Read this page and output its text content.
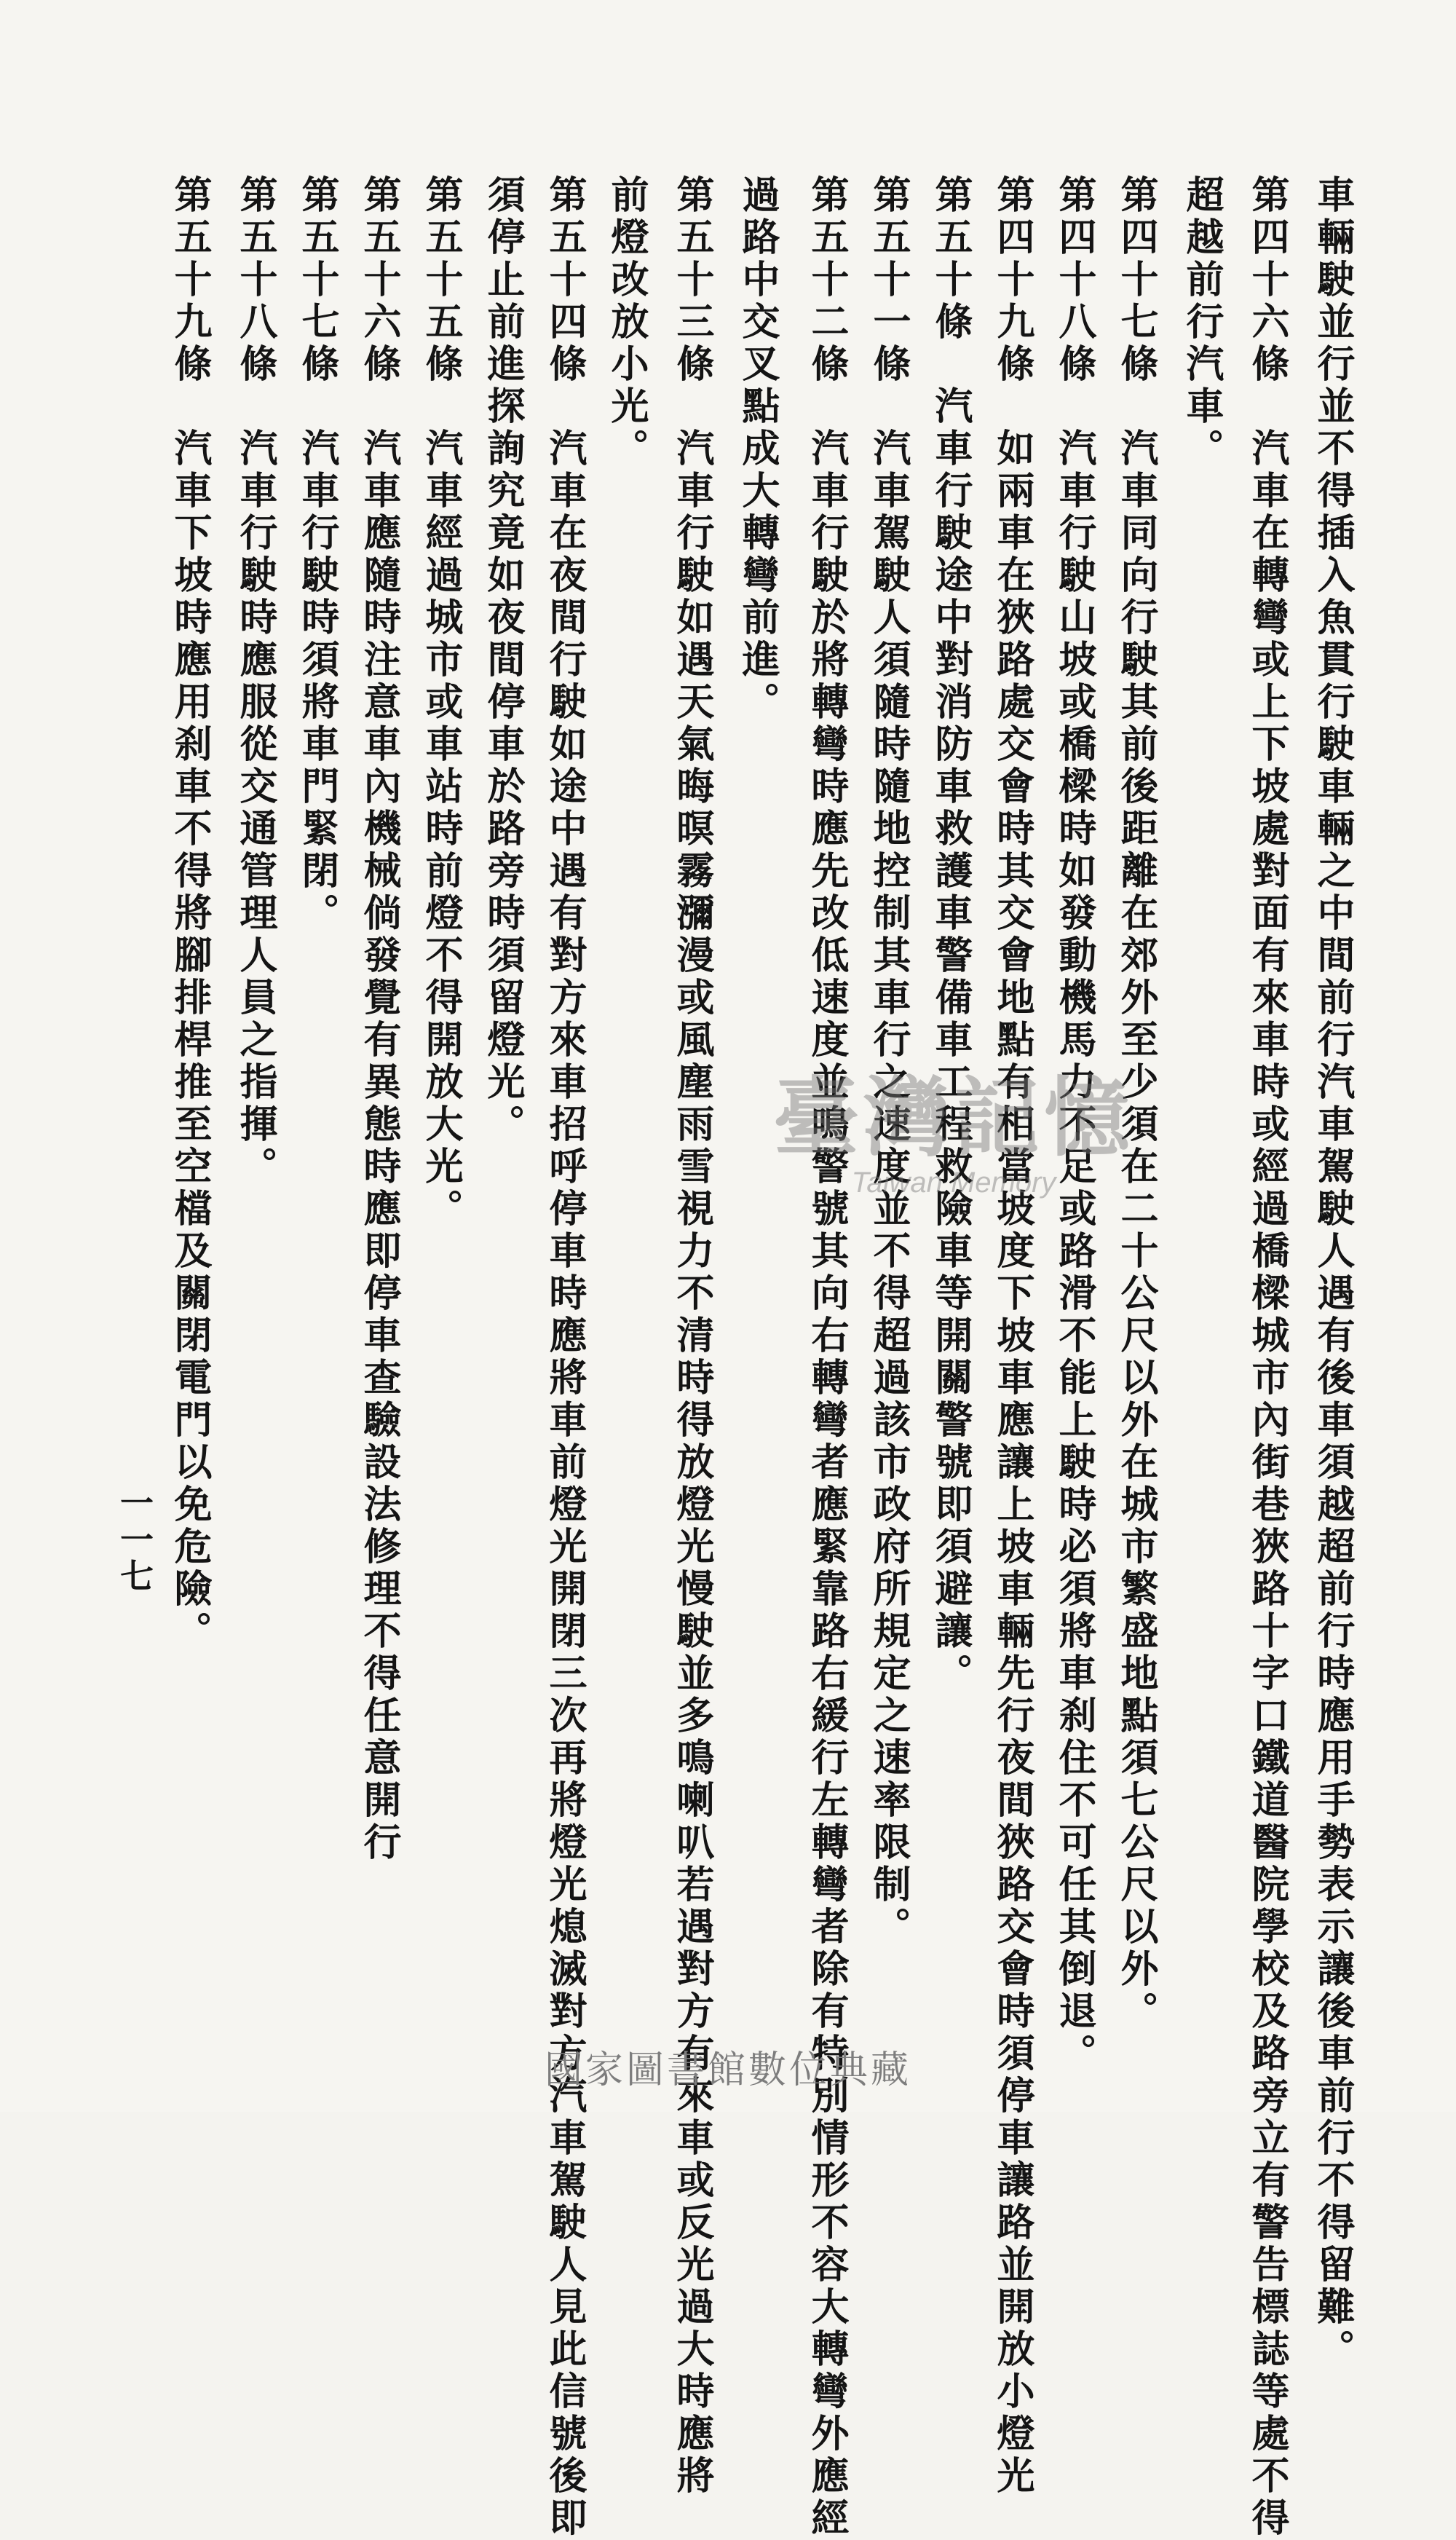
車輛駛並行並不得插入魚貫行駛車輛之中間前行汽車駕駛人遇有後車須越超前行時應用手勢表示讓後車前行不得留難。
第四十六條　汽車在轉彎或上下坡處對面有來車時或經過橋樑城市內街巷狹路十字口鐵道醫院學校及路旁立有警告標誌等處不得
超越前行汽車。
第四十七條　汽車同向行駛其前後距離在郊外至少須在二十公尺以外在城市繁盛地點須七公尺以外。
第四十八條　汽車行駛山坡或橋樑時如發動機馬力不足或路滑不能上駛時必須將車刹住不可任其倒退。
第四十九條　如兩車在狹路處交會時其交會地點有相當坡度下坡車應讓上坡車輛先行夜間狹路交會時須停車讓路並開放小燈光
第五十條　汽車行駛途中對消防車救護車警備車工程救險車等開關警號即須避讓。
第五十一條　汽車駕駛人須隨時隨地控制其車行之速度並不得超過該市政府所規定之速率限制。
第五十二條　汽車行駛於將轉彎時應先改低速度並鳴警號其向右轉彎者應緊靠路右緩行左轉彎者除有特別情形不容大轉彎外應經
過路中交叉點成大轉彎前進。
第五十三條　汽車行駛如遇天氣晦暝霧瀰漫或風塵雨雪視力不清時得放燈光慢駛並多鳴喇叭若遇對方有來車或反光過大時應將
前燈改放小光。
第五十四條　汽車在夜間行駛如途中遇有對方來車招呼停車時應將車前燈光開閉三次再將燈光熄滅對方汽車駕駛人見此信號後即
須停止前進探詢究竟如夜間停車於路旁時須留燈光。
第五十五條　汽車經過城市或車站時前燈不得開放大光。
第五十六條　汽車應隨時注意車內機械倘發覺有異態時應即停車查驗設法修理不得任意開行
第五十七條　汽車行駛時須將車門緊閉。
第五十八條　汽車行駛時應服從交通管理人員之指揮。
第五十九條　汽車下坡時應用刹車不得將腳排桿推至空檔及關閉電門以免危險。
一一七
臺灣記憶
Taiwan Memory
國家圖書館數位典藏
